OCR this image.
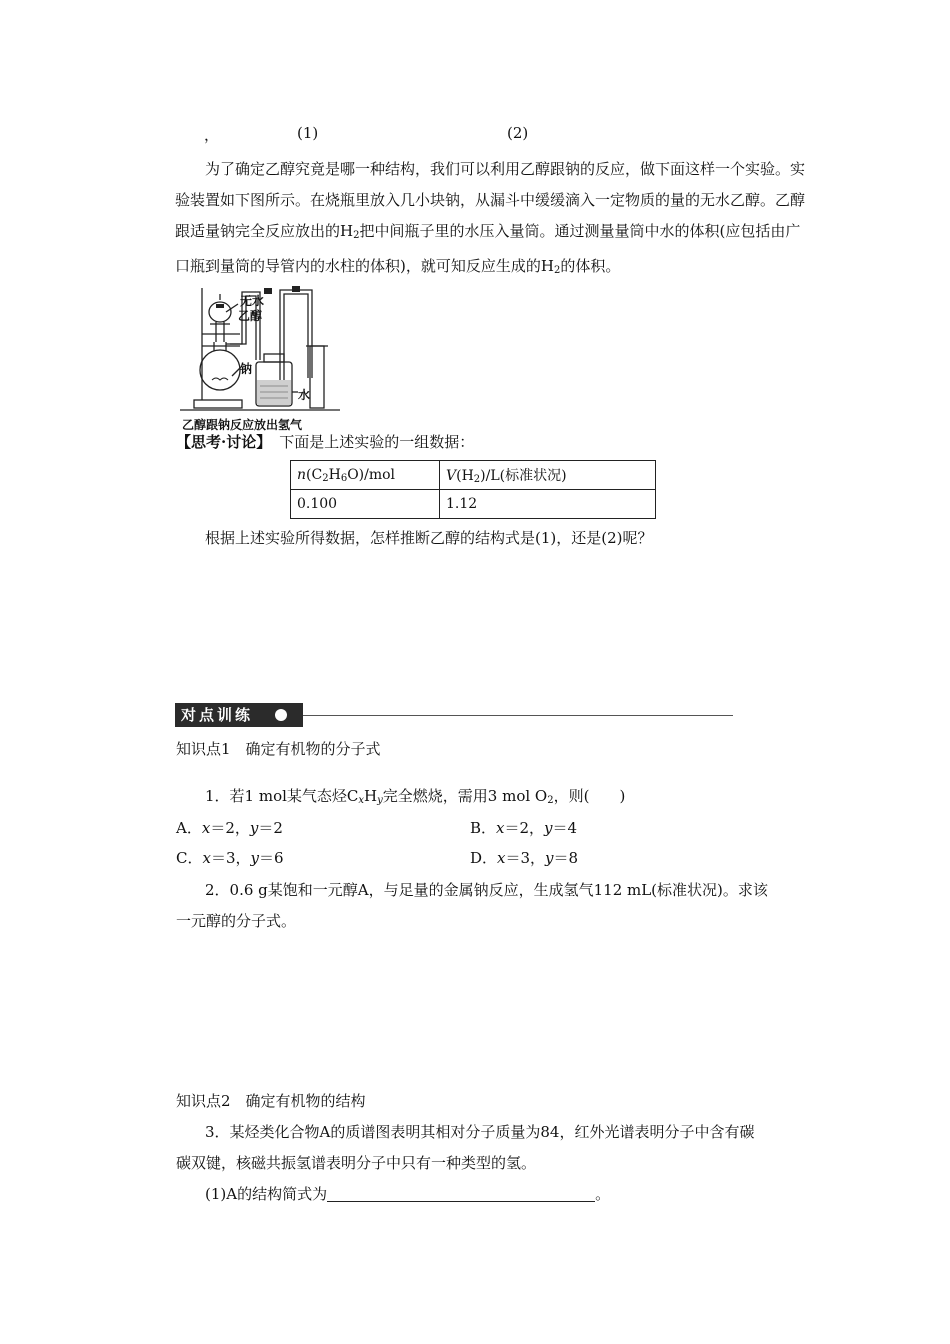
，	(1)	(2)

为了确定乙醇究竟是哪一种结构，我们可以利用乙醇跟钠的反应，做下面这样一个实验。实验装置如下图所示。在烧瓶里放入几小块钠，从漏斗中缓缓滴入一定物质的量的无水乙醇。乙醇跟适量钠完全反应放出的$H_2$把中间瓶子里的水压入量筒。通过测量量筒中水的体积(应包括由广口瓶到量筒的导管内的水柱的体积)，就可知反应生成的$H_2$的体积。

无水
乙醇
钠
水
乙醇跟钠反应放出氢气
【思考·讨论】 下面是上述实验的一组数据：
$n(C_2H_6O)$/mol	$V(H_2)/L$(标准状况)
0.100	1.12
根据上述实验所得数据，怎样推断乙醇的结构式是(1)，还是(2)呢？
对点训练
知识点1　确定有机物的分子式
1．若1 mol某气态烃$C_xH_y$完全燃烧，需用3 mol $O_2$，则(　　)
A．x＝2，y＝2	B．x＝2，y＝4
C．x＝3，y＝6	D．x＝3，y＝8
2．0.6 g某饱和一元醇A，与足量的金属钠反应，生成氢气112 mL(标准状况)。求该
一元醇的分子式。
知识点2　确定有机物的结构
3．某烃类化合物A的质谱图表明其相对分子质量为84，红外光谱表明分子中含有碳
碳双键，核磁共振氢谱表明分子中只有一种类型的氢。
(1)A的结构简式为	。
